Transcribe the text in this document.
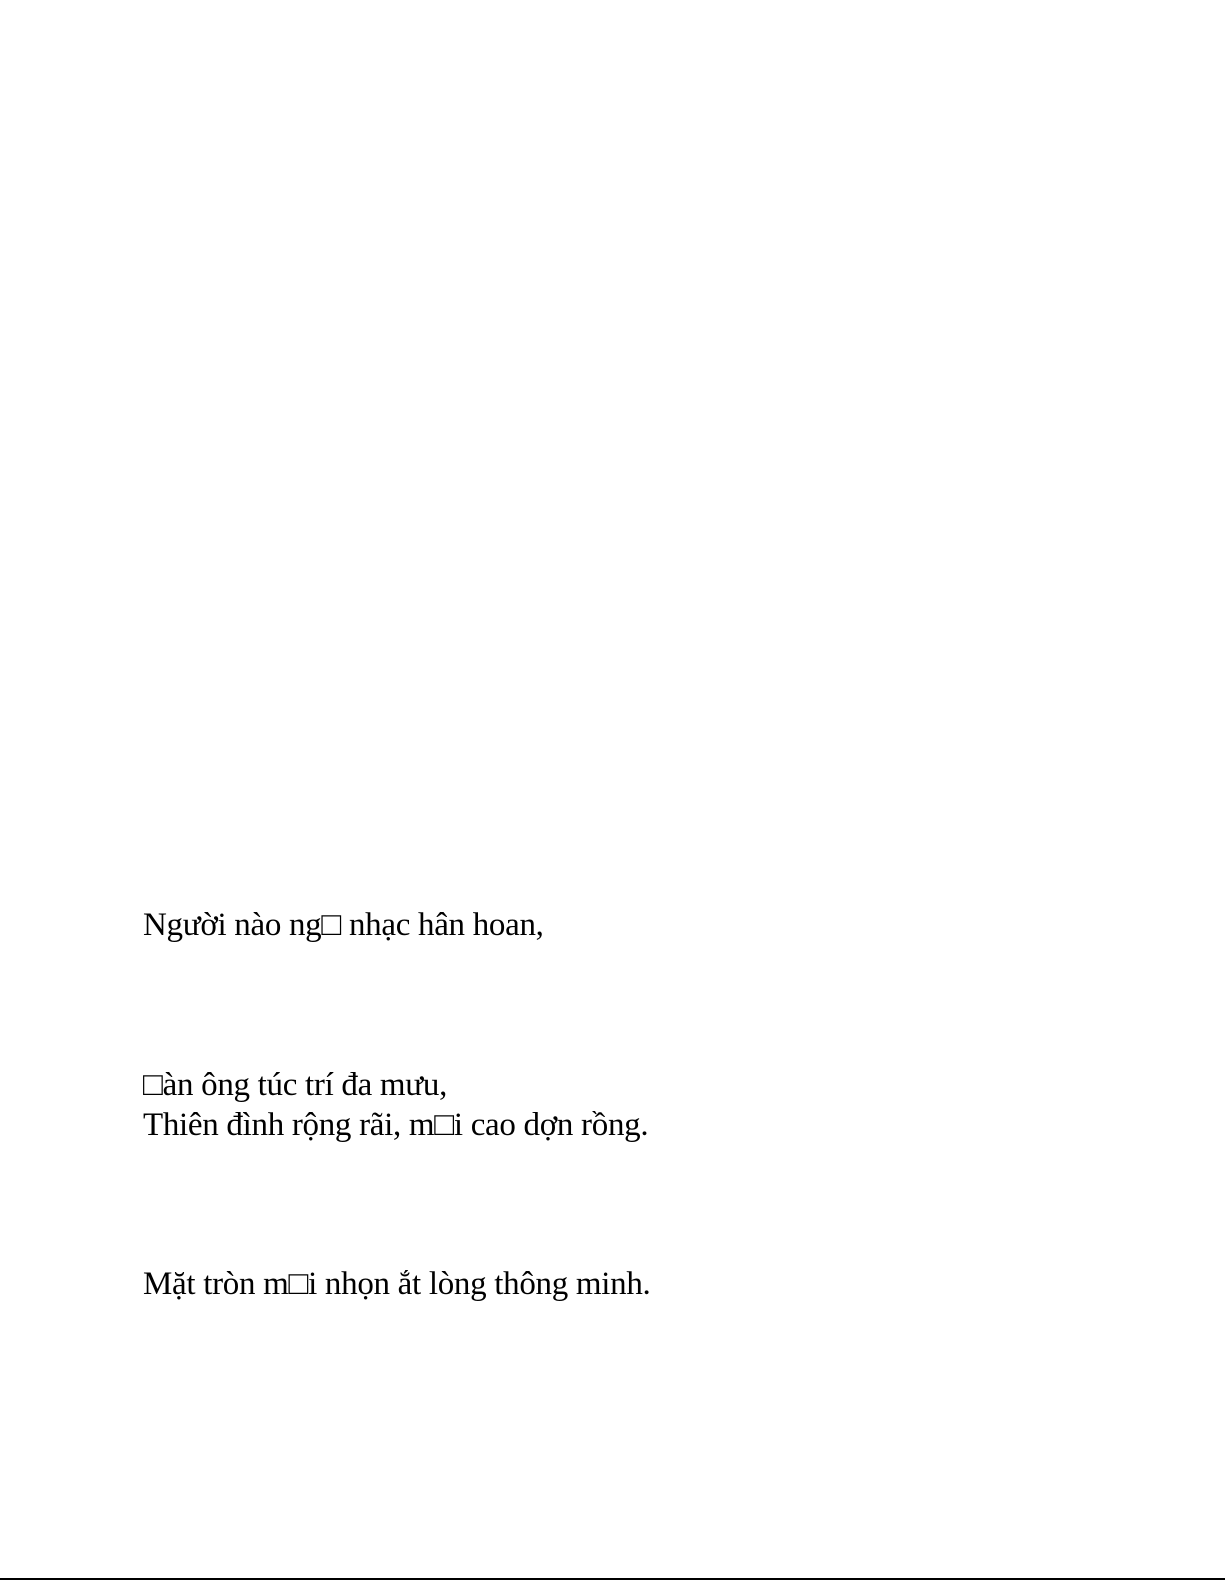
Người nào ng□ nhạc hân hoan,
□àn ông túc trí đa mưu,
Thiên đình rộng rãi, m□i cao dợn rồng.
Mặt tròn m□i nhọn ắt lòng thông minh.
